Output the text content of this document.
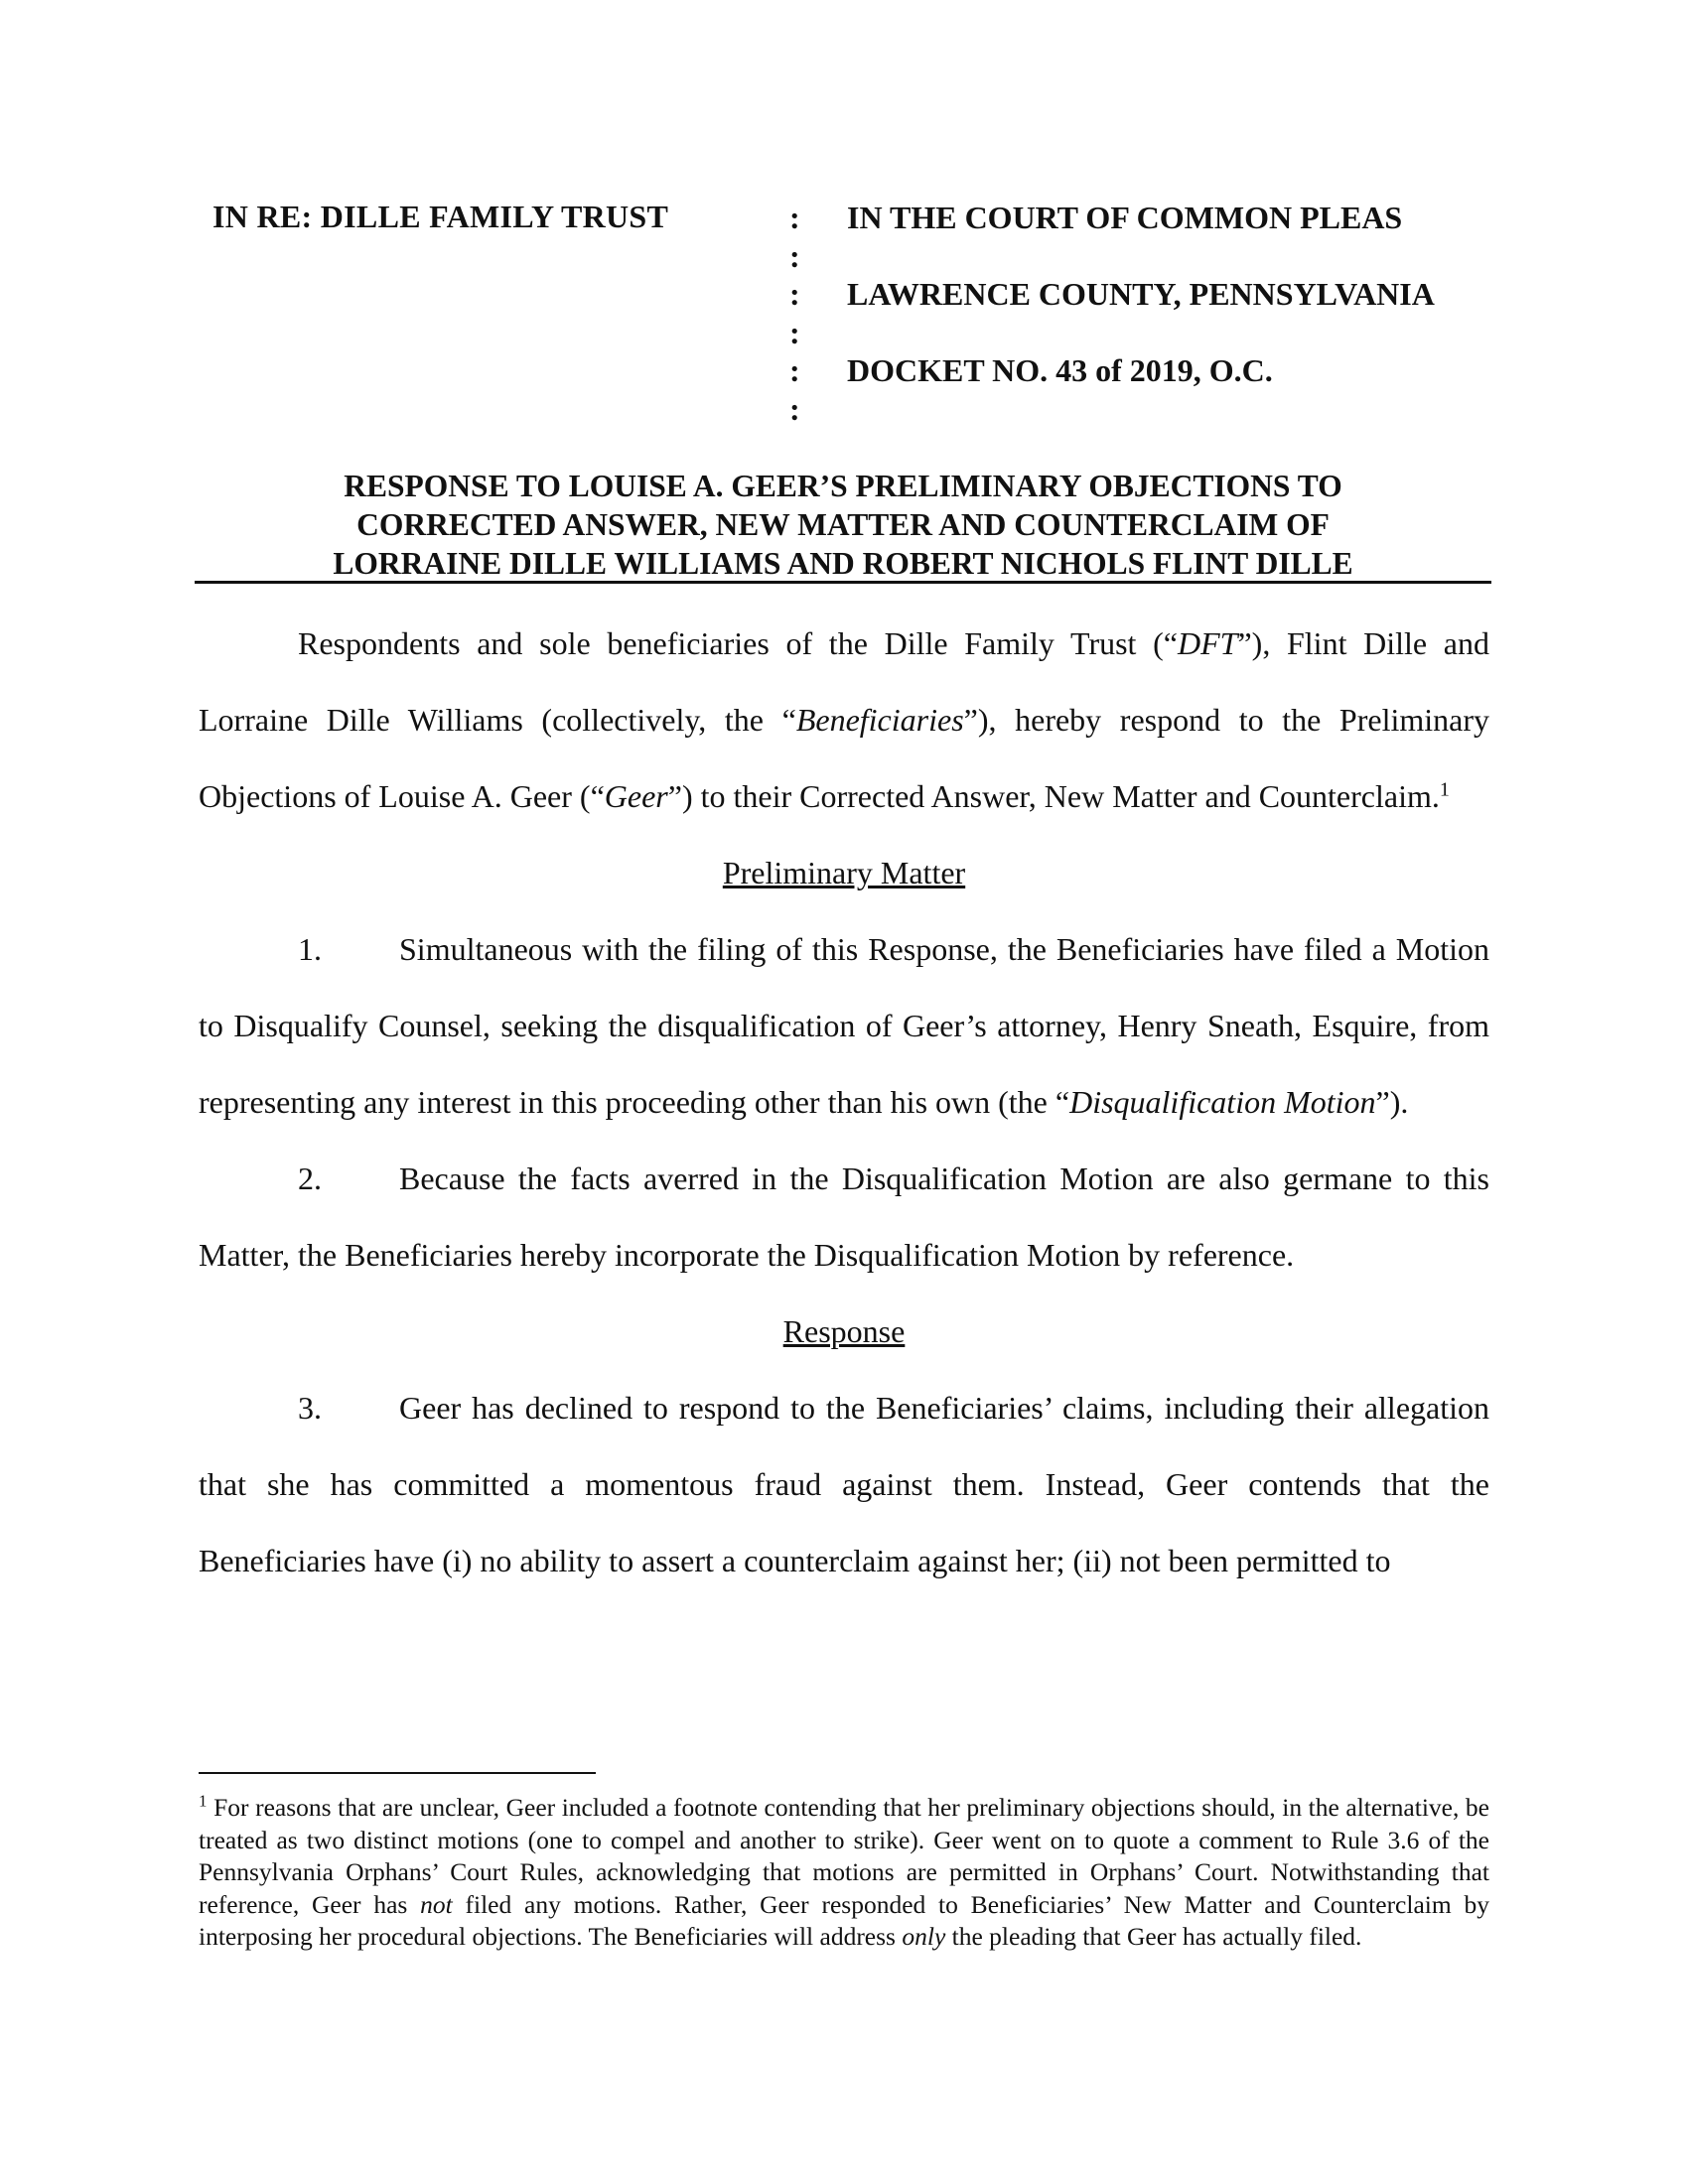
IN RE: DILLE FAMILY TRUST	:
:
:
:
:
:
IN THE COURT OF COMMON PLEAS
LAWRENCE COUNTY, PENNSYLVANIA
DOCKET NO. 43 of 2019, O.C.
RESPONSE TO LOUISE A. GEER’S PRELIMINARY OBJECTIONS TO
CORRECTED ANSWER, NEW MATTER AND COUNTERCLAIM OF
LORRAINE DILLE WILLIAMS AND ROBERT NICHOLS FLINT DILLE

Respondents and sole beneficiaries of the Dille Family Trust (“DFT”), Flint Dille and Lorraine Dille Williams (collectively, the “Beneficiaries”), hereby respond to the Preliminary Objections of Louise A. Geer (“Geer”) to their Corrected Answer, New Matter and Counterclaim.$^1$

Preliminary Matter

1. Simultaneous with the filing of this Response, the Beneficiaries have filed a Motion to Disqualify Counsel, seeking the disqualification of Geer’s attorney, Henry Sneath, Esquire, from representing any interest in this proceeding other than his own (the “Disqualification Motion”).

2. Because the facts averred in the Disqualification Motion are also germane to this Matter, the Beneficiaries hereby incorporate the Disqualification Motion by reference.

Response

3. Geer has declined to respond to the Beneficiaries’ claims, including their allegation that she has committed a momentous fraud against them. Instead, Geer contends that the Beneficiaries have (i) no ability to assert a counterclaim against her; (ii) not been permitted to

$^1$ For reasons that are unclear, Geer included a footnote contending that her preliminary objections should, in the alternative, be treated as two distinct motions (one to compel and another to strike). Geer went on to quote a comment to Rule 3.6 of the Pennsylvania Orphans’ Court Rules, acknowledging that motions are permitted in Orphans’ Court. Notwithstanding that reference, Geer has not filed any motions. Rather, Geer responded to Beneficiaries’ New Matter and Counterclaim by interposing her procedural objections. The Beneficiaries will address only the pleading that Geer has actually filed.
